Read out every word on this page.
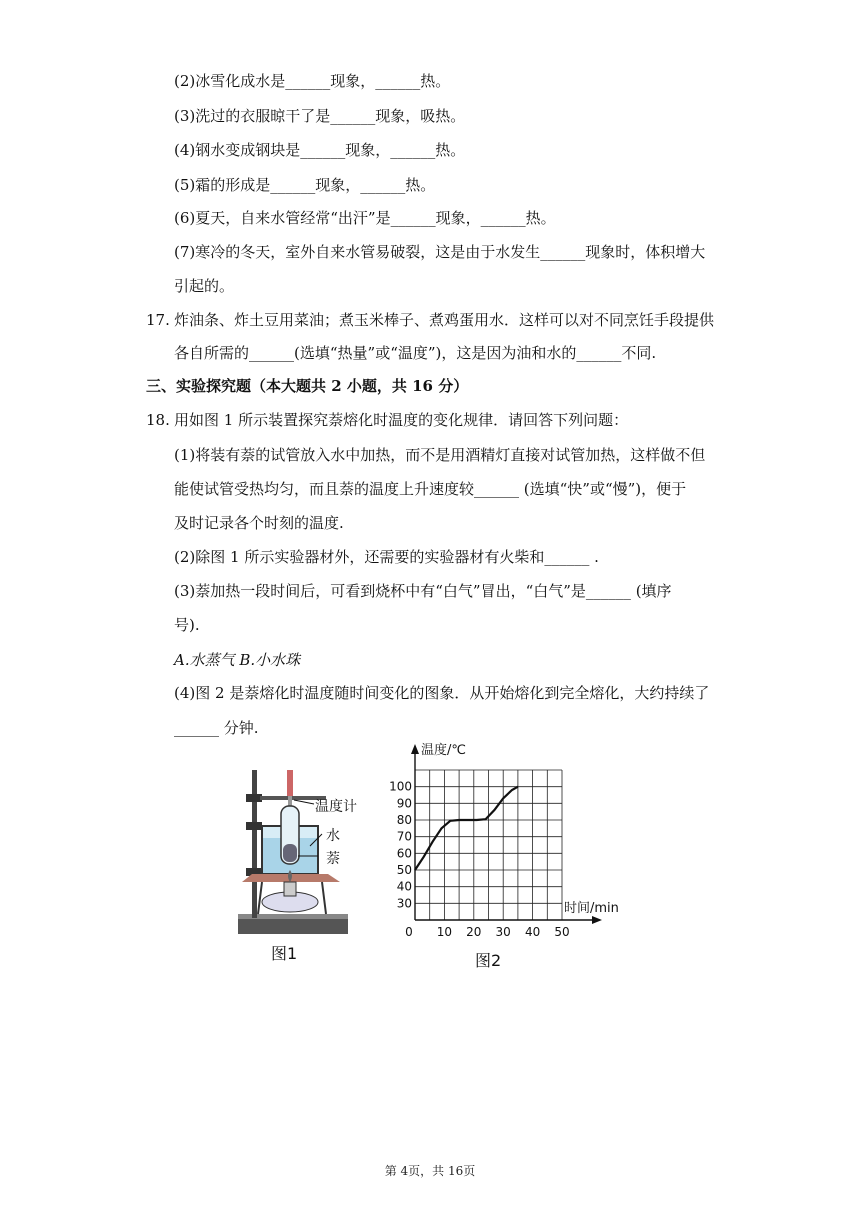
(2)冰雪化成水是______现象，______热。
(3)洗过的衣服晾干了是______现象，吸热。
(4)钢水变成钢块是______现象，______热。
(5)霜的形成是______现象，______热。
(6)夏天，自来水管经常“出汗”是______现象，______热。
(7)寒冷的冬天，室外自来水管易破裂，这是由于水发生______现象时，体积增大
引起的。
17. 炸油条、炸土豆用菜油；煮玉米棒子、煮鸡蛋用水．这样可以对不同烹饪手段提供
各自所需的______(选填“热量”或“温度”)，这是因为油和水的______不同.
三、实验探究题（本大题共 2 小题，共 16 分）
18. 用如图 1 所示装置探究萘熔化时温度的变化规律．请回答下列问题：
(1)将装有萘的试管放入水中加热，而不是用酒精灯直接对试管加热，这样做不但
能使试管受热均匀，而且萘的温度上升速度较______ (选填“快”或“慢”)，便于
及时记录各个时刻的温度.
(2)除图 1 所示实验器材外，还需要的实验器材有火柴和______ .
(3)萘加热一段时间后，可看到烧杯中有“白气”冒出，“白气”是______ (填序
号).
A.水蒸气 B.小水珠
(4)图 2 是萘熔化时温度随时间变化的图象．从开始熔化到完全熔化，大约持续了
______ 分钟.
温度计
水
萘
图1
30
40
50
60
70
80
90
100
0 10 20 30 40 50
温度/℃
时间/min
图2
第 4页，共 16页
